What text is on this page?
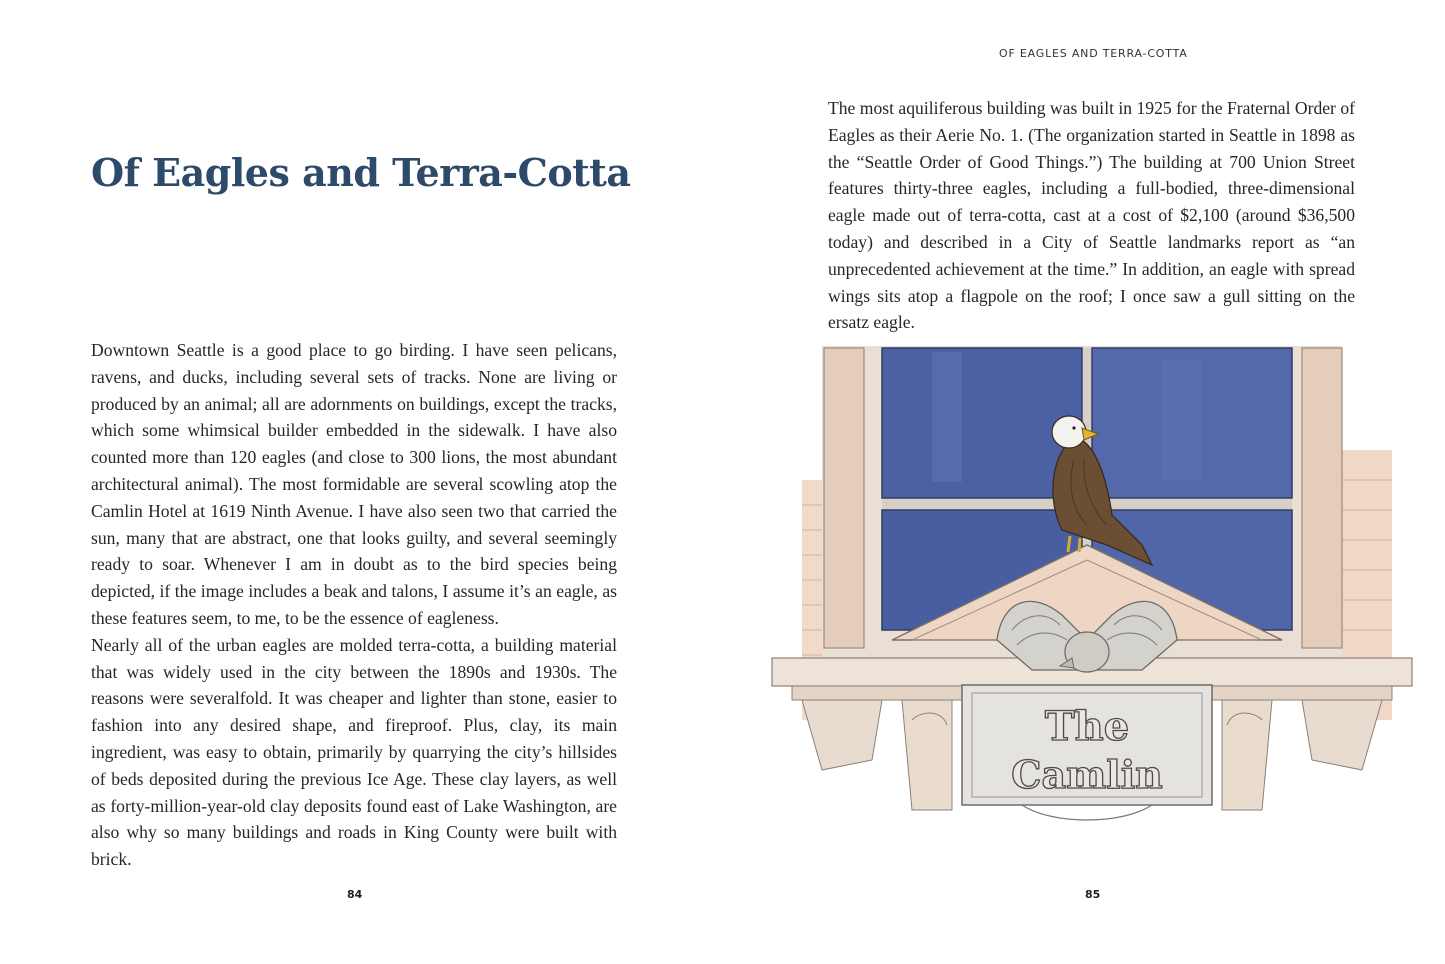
Of Eagles and Terra-Cotta

Downtown Seattle is a good place to go birding. I have seen pelicans, ravens, and ducks, including several sets of tracks. None are living or produced by an animal; all are adornments on buildings, except the tracks, which some whimsical builder embedded in the sidewalk. I have also counted more than 120 eagles (and close to 300 lions, the most abundant architectural animal). The most formidable are several scowling atop the Camlin Hotel at 1619 Ninth Avenue. I have also seen two that carried the sun, many that are abstract, one that looks guilty, and several seemingly ready to soar. Whenever I am in doubt as to the bird species being depicted, if the image includes a beak and talons, I assume it’s an eagle, as these features seem, to me, to be the essence of eagleness.

Nearly all of the urban eagles are molded terra-cotta, a building material that was widely used in the city between the 1890s and 1930s. The reasons were severalfold. It was cheaper and lighter than stone, easier to fashion into any desired shape, and fireproof. Plus, clay, its main ingredient, was easy to obtain, primarily by quarrying the city’s hillsides of beds deposited during the previous Ice Age. These clay layers, as well as forty-million-year-old clay deposits found east of Lake Washington, are also why so many buildings and roads in King County were built with brick.

84
OF EAGLES AND TERRA-COTTA

The most aquiliferous building was built in 1925 for the Fraternal Order of Eagles as their Aerie No. 1. (The organization started in Seattle in 1898 as the “Seattle Order of Good Things.”) The building at 700 Union Street features thirty-three eagles, including a full-bodied, three-dimensional eagle made out of terra-cotta, cast at a cost of $2,100 (around $36,500 today) and described in a City of Seattle landmarks report as “an unprecedented achievement at the time.” In addition, an eagle with spread wings sits atop a flagpole on the roof; I once saw a gull sitting on the ersatz eagle.

The
Camlin
85
